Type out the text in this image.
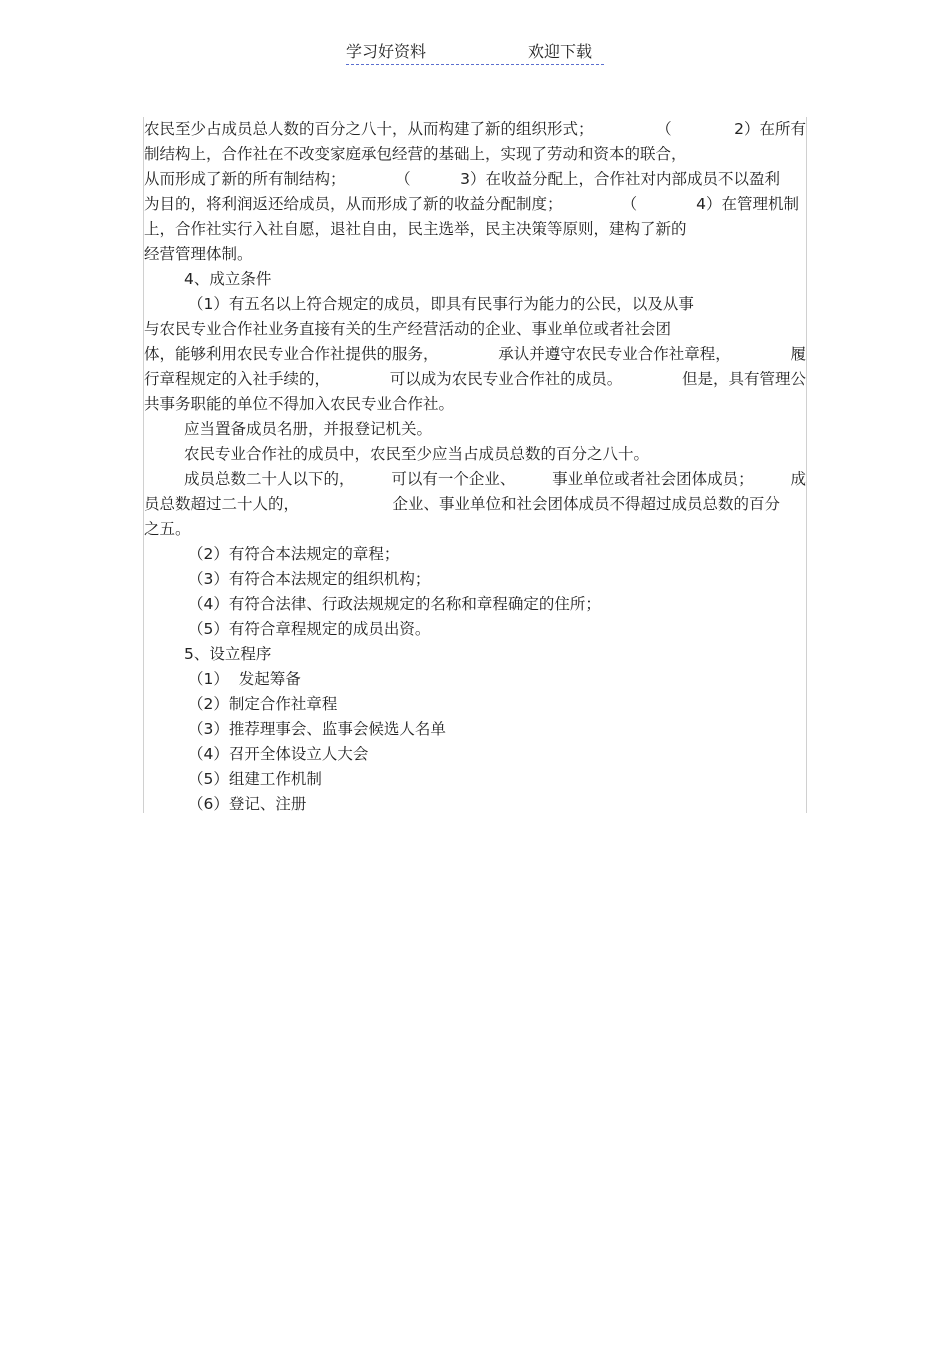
学习好资料	欢迎下载
农民至少占成员总人数的百分之八十，从而构建了新的组织形式；	（	2）在所有
制结构上，合作社在不改变家庭承包经营的基础上，实现了劳动和资本的联合，
从而形成了新的所有制结构；	（	3）在收益分配上，合作社对内部成员不以盈利
为目的，将利润返还给成员，从而形成了新的收益分配制度；	（	4）在管理机制
上，合作社实行入社自愿，退社自由，民主选举，民主决策等原则，建构了新的
经营管理体制。
4、成立条件
（1）有五名以上符合规定的成员，即具有民事行为能力的公民，以及从事
与农民专业合作社业务直接有关的生产经营活动的企业、事业单位或者社会团
体，能够利用农民专业合作社提供的服务，	承认并遵守农民专业合作社章程，	履
行章程规定的入社手续的，	可以成为农民专业合作社的成员。	但是，具有管理公
共事务职能的单位不得加入农民专业合作社。
应当置备成员名册，并报登记机关。
农民专业合作社的成员中，农民至少应当占成员总数的百分之八十。
成员总数二十人以下的， 可以有一个企业、 事业单位或者社会团体成员； 成
员总数超过二十人的，	企业、事业单位和社会团体成员不得超过成员总数的百分
之五。
（2）有符合本法规定的章程；
（3）有符合本法规定的组织机构；
（4）有符合法律、行政法规规定的名称和章程确定的住所；
（5）有符合章程规定的成员出资。
5、设立程序
（1）  发起筹备
（2）制定合作社章程
（3）推荐理事会、监事会候选人名单
（4）召开全体设立人大会
（5）组建工作机制
（6）登记、注册
